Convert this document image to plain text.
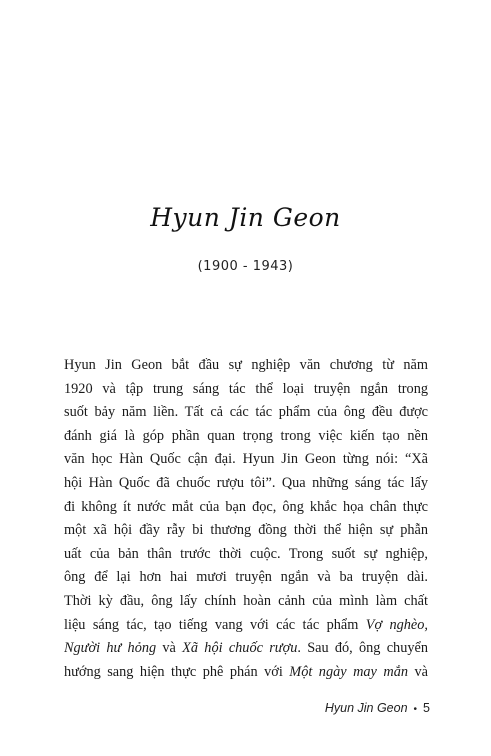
Hyun Jin Geon
(1900 - 1943)
Hyun Jin Geon bắt đầu sự nghiệp văn chương từ năm
1920 và tập trung sáng tác thể loại truyện ngắn trong
suốt bảy năm liền. Tất cả các tác phẩm của ông đều được
đánh giá là góp phần quan trọng trong việc kiến tạo nền
văn học Hàn Quốc cận đại. Hyun Jin Geon từng nói: “Xã
hội Hàn Quốc đã chuốc rượu tôi”. Qua những sáng tác lấy
đi không ít nước mắt của bạn đọc, ông khắc họa chân thực
một xã hội đầy rẫy bi thương đồng thời thể hiện sự phẫn
uất của bản thân trước thời cuộc. Trong suốt sự nghiệp,
ông để lại hơn hai mươi truyện ngắn và ba truyện dài.
Thời kỳ đầu, ông lấy chính hoàn cảnh của mình làm chất
liệu sáng tác, tạo tiếng vang với các tác phẩm Vợ nghèo,
Người hư hỏng và Xã hội chuốc rượu. Sau đó, ông chuyển
hướng sang hiện thực phê phán với Một ngày may mắn và
Hyun Jin Geon • 5
